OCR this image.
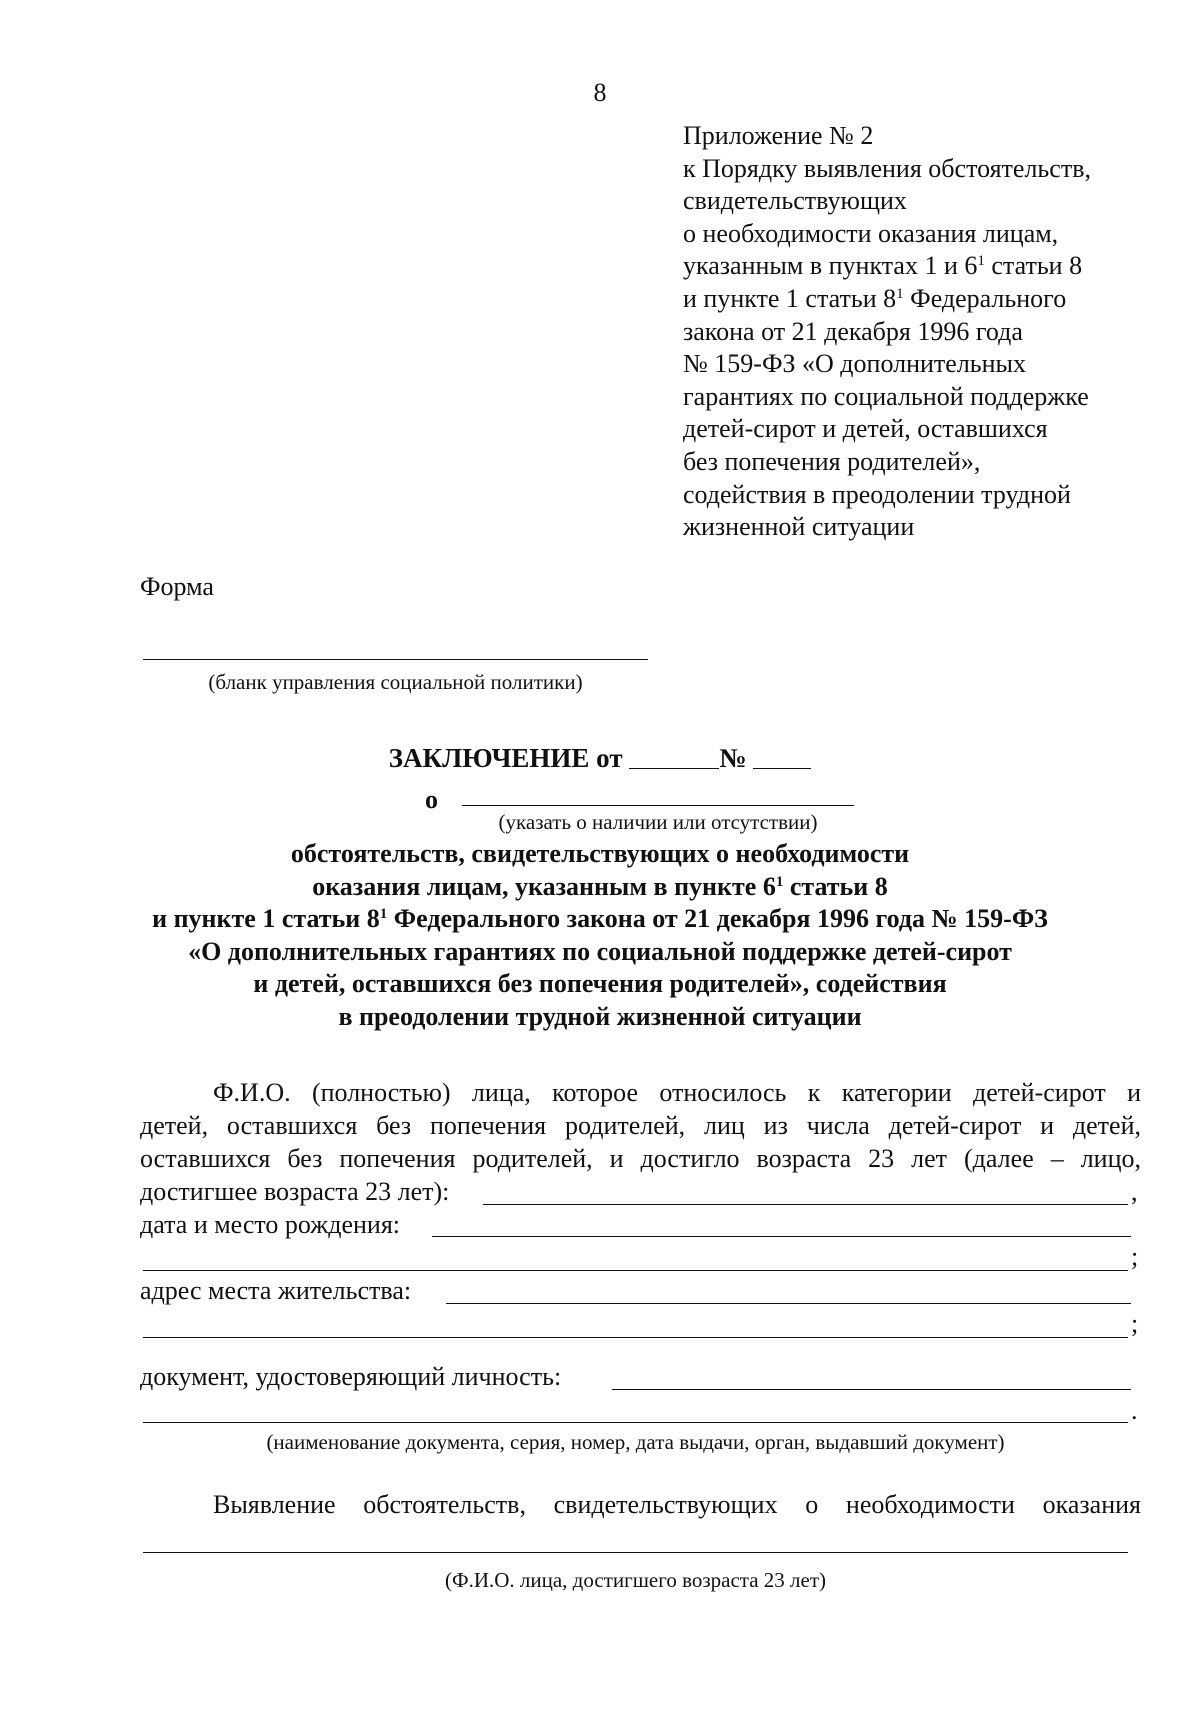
8
Приложение № 2
к Порядку выявления обстоятельств,
свидетельствующих
о необходимости оказания лицам,
указанным в пунктах 1 и $6^1$ статьи 8
и пункте 1 статьи $8^1$ Федерального
закона от 21 декабря 1996 года
№ 159-ФЗ «О дополнительных
гарантиях по социальной поддержке
детей-сирот и детей, оставшихся
без попечения родителей»,
содействия в преодолении трудной
жизненной ситуации
Форма
(бланк управления социальной политики)
ЗАКЛЮЧЕНИЕ от	№
о
(указать о наличии или отсутствии)
обстоятельств, свидетельствующих о необходимости
оказания лицам, указанным в пункте $6^1$ статьи 8
и пункте 1 статьи $8^1$ Федерального закона от 21 декабря 1996 года № 159-ФЗ
«О дополнительных гарантиях по социальной поддержке детей-сирот
и детей, оставшихся без попечения родителей», содействия
в преодолении трудной жизненной ситуации
Ф.И.О. (полностью) лица, которое относилось к категории детей-сирот и
детей, оставшихся без попечения родителей, лиц из числа детей-сирот и детей,
оставшихся без попечения родителей, и достигло возраста 23 лет (далее – лицо,
достигшее возраста 23 лет):	,
дата и место рождения:
;
адрес места жительства:
;
документ, удостоверяющий личность:
.
(наименование документа, серия, номер, дата выдачи, орган, выдавший документ)
Выявление обстоятельств, свидетельствующих о необходимости оказания
(Ф.И.О. лица, достигшего возраста 23 лет)
